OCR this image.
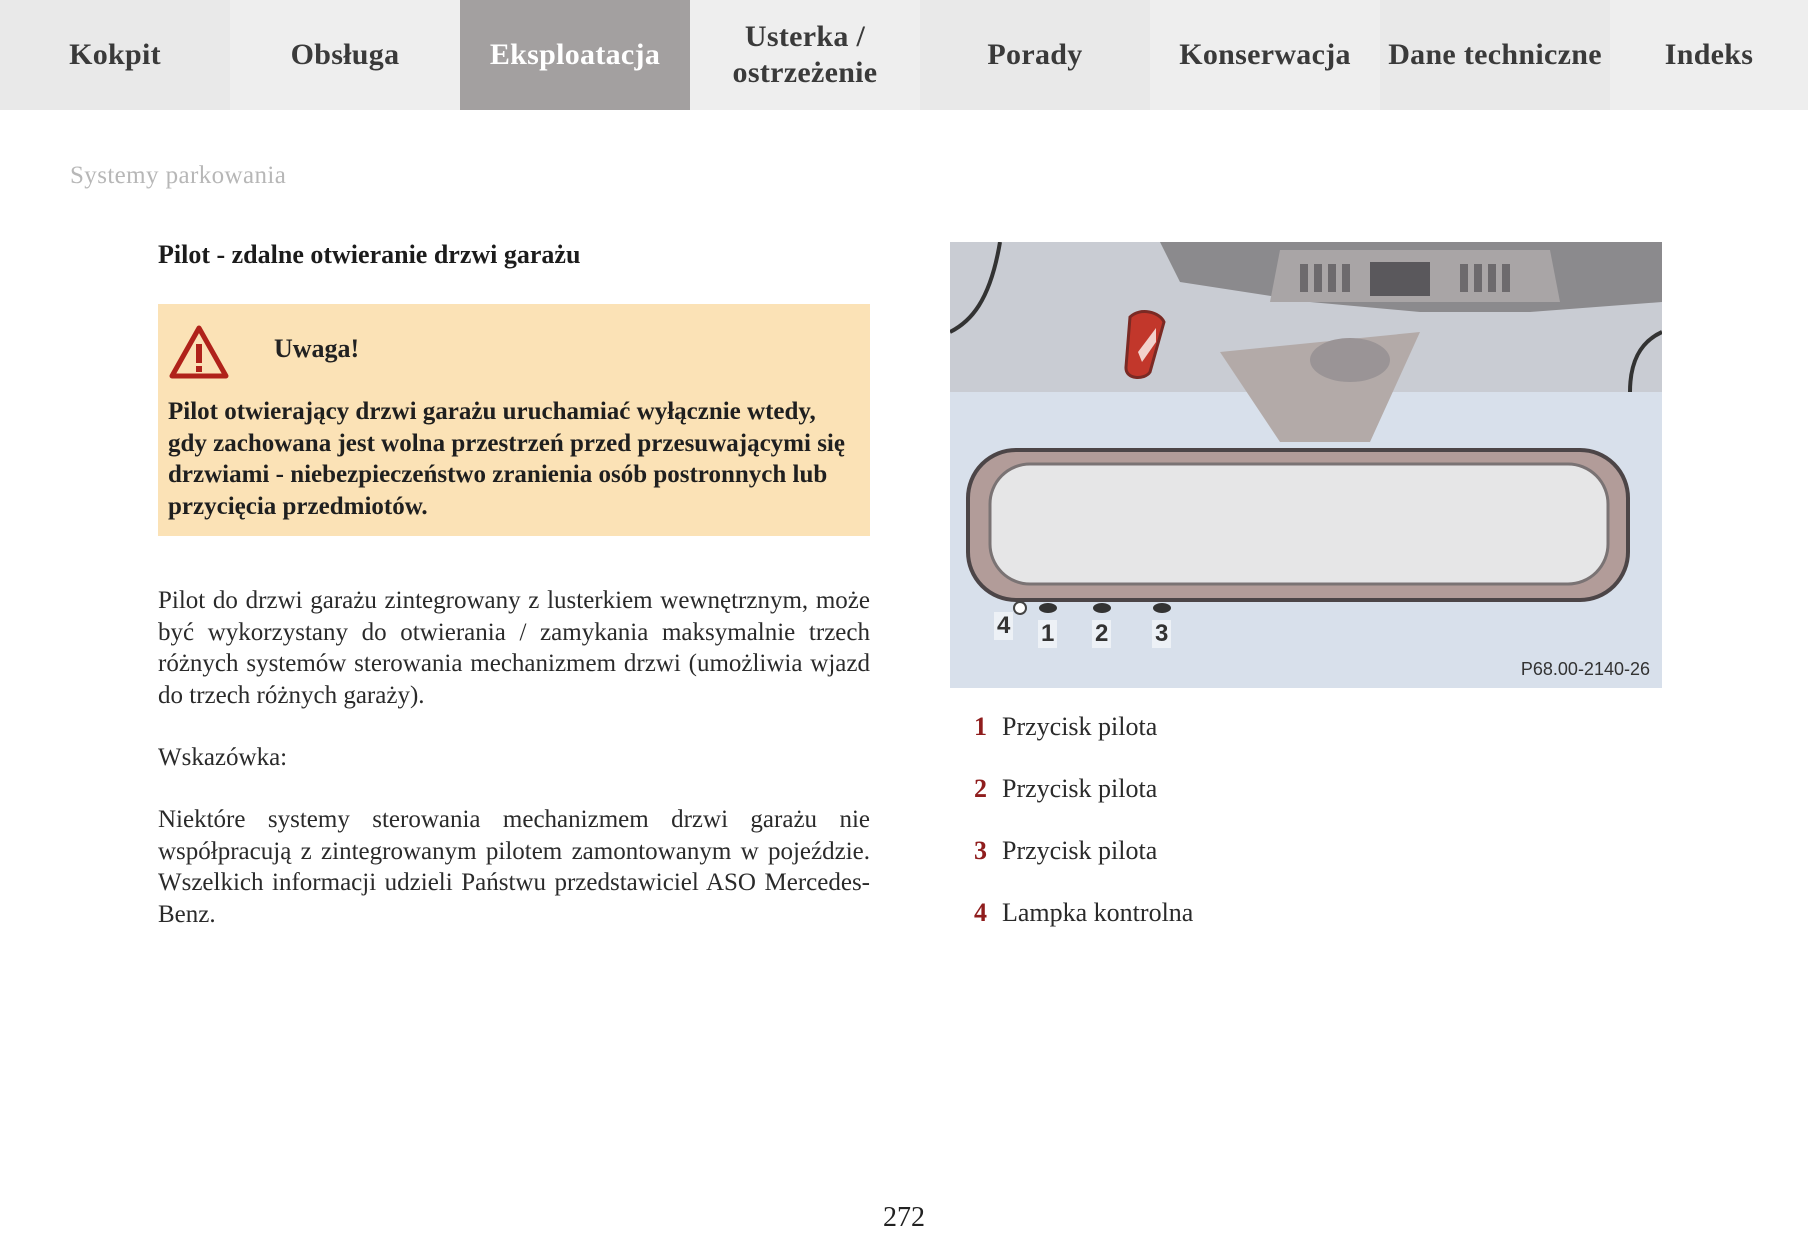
Kokpit	Obsługa	Eksploatacja
Usterka / ostrzeżenie
Porady	Konserwacja	Dane techniczne	Indeks
Systemy parkowania
Pilot - zdalne otwieranie drzwi garażu
Uwaga!
Pilot otwierający drzwi garażu uruchamiać wyłącznie wtedy, gdy zachowana jest wolna przestrzeń przed przesuwającymi się drzwiami - niebezpieczeństwo zranienia osób postronnych lub przycięcia przedmiotów.

Pilot do drzwi garażu zintegrowany z lusterkiem wewnętrznym, może być wykorzystany do otwierania / zamykania maksymalnie trzech różnych systemów sterowania mechanizmem drzwi (umożliwia wjazd do trzech różnych garaży).

Wskazówka:

Niektóre systemy sterowania mechanizmem drzwi garażu nie współpracują z zintegrowanym pilotem zamontowanym w pojeździe. Wszelkich informacji udzieli Państwu przedstawiciel ASO Mercedes-Benz.

4 1 2 3
P68.00-2140-26
1 Przycisk pilota
2 Przycisk pilota
3 Przycisk pilota
4 Lampka kontrolna
272
